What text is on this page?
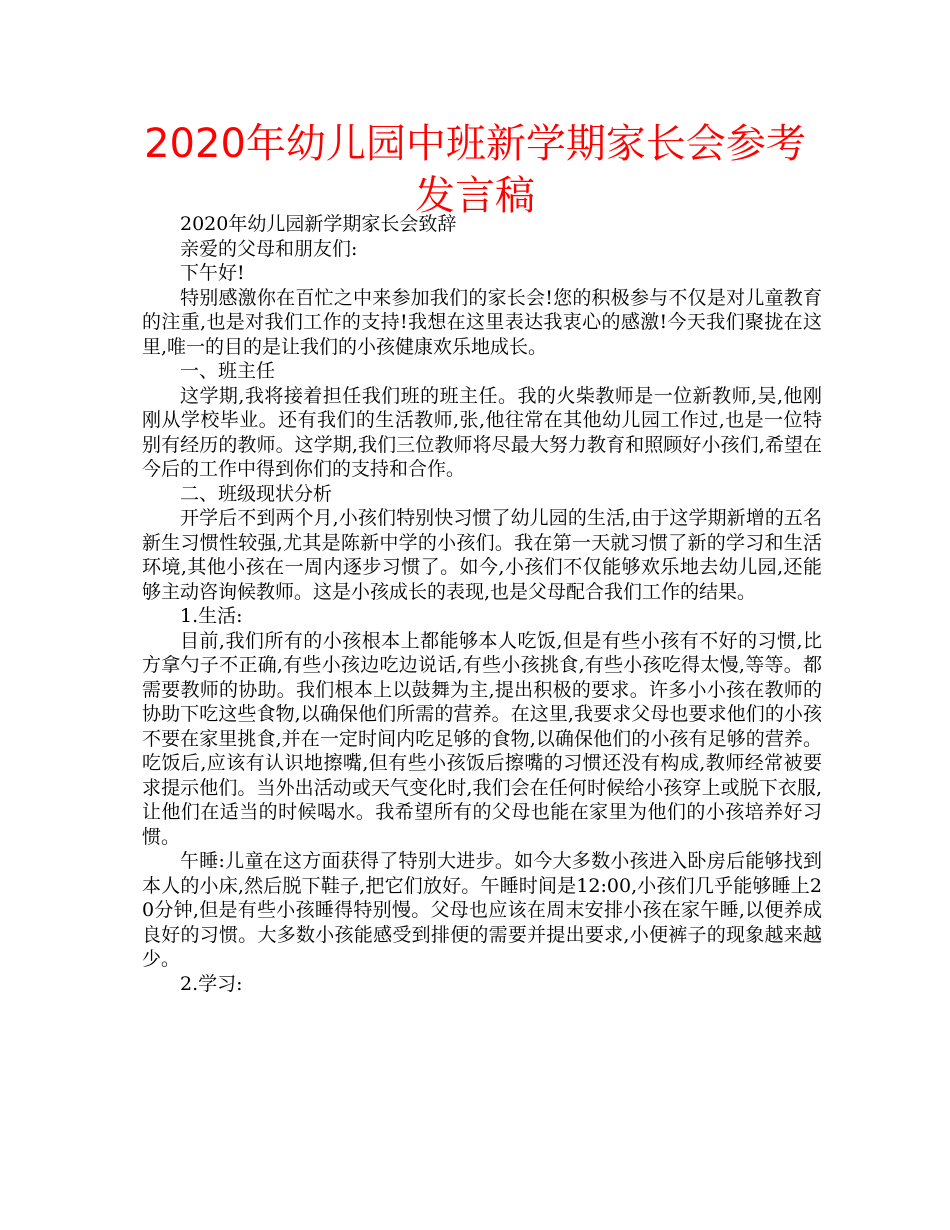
2020年幼儿园中班新学期家长会参考发言稿

2020年幼儿园新学期家长会致辞

亲爱的父母和朋友们:

下午好!

特别感激你在百忙之中来参加我们的家长会!您的积极参与不仅是对儿童教育的注重,也是对我们工作的支持!我想在这里表达我衷心的感激!今天我们聚拢在这里,唯一的目的是让我们的小孩健康欢乐地成长。

一、班主任

这学期,我将接着担任我们班的班主任。我的火柴教师是一位新教师,吴,他刚刚从学校毕业。还有我们的生活教师,张,他往常在其他幼儿园工作过,也是一位特别有经历的教师。这学期,我们三位教师将尽最大努力教育和照顾好小孩们,希望在今后的工作中得到你们的支持和合作。

二、班级现状分析

开学后不到两个月,小孩们特别快习惯了幼儿园的生活,由于这学期新增的五名新生习惯性较强,尤其是陈新中学的小孩们。我在第一天就习惯了新的学习和生活环境,其他小孩在一周内逐步习惯了。如今,小孩们不仅能够欢乐地去幼儿园,还能够主动咨询候教师。这是小孩成长的表现,也是父母配合我们工作的结果。

1.生活:

目前,我们所有的小孩根本上都能够本人吃饭,但是有些小孩有不好的习惯,比方拿勺子不正确,有些小孩边吃边说话,有些小孩挑食,有些小孩吃得太慢,等等。都需要教师的协助。我们根本上以鼓舞为主,提出积极的要求。许多小小孩在教师的协助下吃这些食物,以确保他们所需的营养。在这里,我要求父母也要求他们的小孩不要在家里挑食,并在一定时间内吃足够的食物,以确保他们的小孩有足够的营养。吃饭后,应该有认识地擦嘴,但有些小孩饭后擦嘴的习惯还没有构成,教师经常被要求提示他们。当外出活动或天气变化时,我们会在任何时候给小孩穿上或脱下衣服,让他们在适当的时候喝水。我希望所有的父母也能在家里为他们的小孩培养好习惯。

午睡:儿童在这方面获得了特别大进步。如今大多数小孩进入卧房后能够找到本人的小床,然后脱下鞋子,把它们放好。午睡时间是12:00,小孩们几乎能够睡上20分钟,但是有些小孩睡得特别慢。父母也应该在周末安排小孩在家午睡,以便养成良好的习惯。大多数小孩能感受到排便的需要并提出要求,小便裤子的现象越来越少。

2.学习:
